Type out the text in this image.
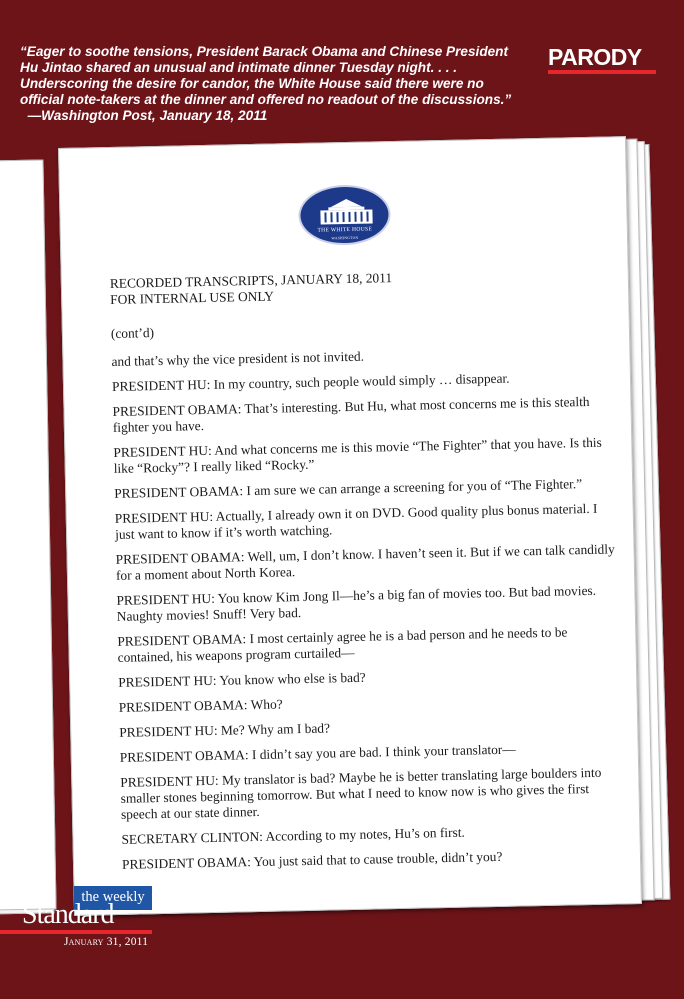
“Eager to soothe tensions, President Barack Obama and Chinese President Hu Jintao shared an unusual and intimate dinner Tuesday night. . . . Underscoring the desire for candor, the White House said there were no official note-takers at the dinner and offered no readout of the discussions.”   —Washington Post, January 18, 2011
PARODY
THE WHITE HOUSE
WASHINGTON
RECORDED TRANSCRIPTS, JANUARY 18, 2011
FOR INTERNAL USE ONLY
(cont’d)
and that’s why the vice president is not invited.
PRESIDENT HU: In my country, such people would simply … disappear.
PRESIDENT OBAMA: That’s interesting. But Hu, what most concerns me is this stealth fighter you have.
PRESIDENT HU: And what concerns me is this movie “The Fighter” that you have. Is this like “Rocky”? I really liked “Rocky.”
PRESIDENT OBAMA: I am sure we can arrange a screening for you of “The Fighter.”
PRESIDENT HU: Actually, I already own it on DVD. Good quality plus bonus material. I just want to know if it’s worth watching.
PRESIDENT OBAMA: Well, um, I don’t know. I haven’t seen it. But if we can talk candidly for a moment about North Korea.
PRESIDENT HU: You know Kim Jong Il—he’s a big fan of movies too. But bad movies. Naughty movies! Snuff! Very bad.
PRESIDENT OBAMA: I most certainly agree he is a bad person and he needs to be contained, his weapons program curtailed—
PRESIDENT HU: You know who else is bad?
PRESIDENT OBAMA: Who?
PRESIDENT HU: Me? Why am I bad?
PRESIDENT OBAMA: I didn’t say you are bad. I think your translator—
PRESIDENT HU: My translator is bad? Maybe he is better translating large boulders into smaller stones beginning tomorrow. But what I need to know now is who gives the first speech at our state dinner.
SECRETARY CLINTON: According to my notes, Hu’s on first.
PRESIDENT OBAMA: You just said that to cause trouble, didn’t you?
the weekly
Standard
January 31, 2011
